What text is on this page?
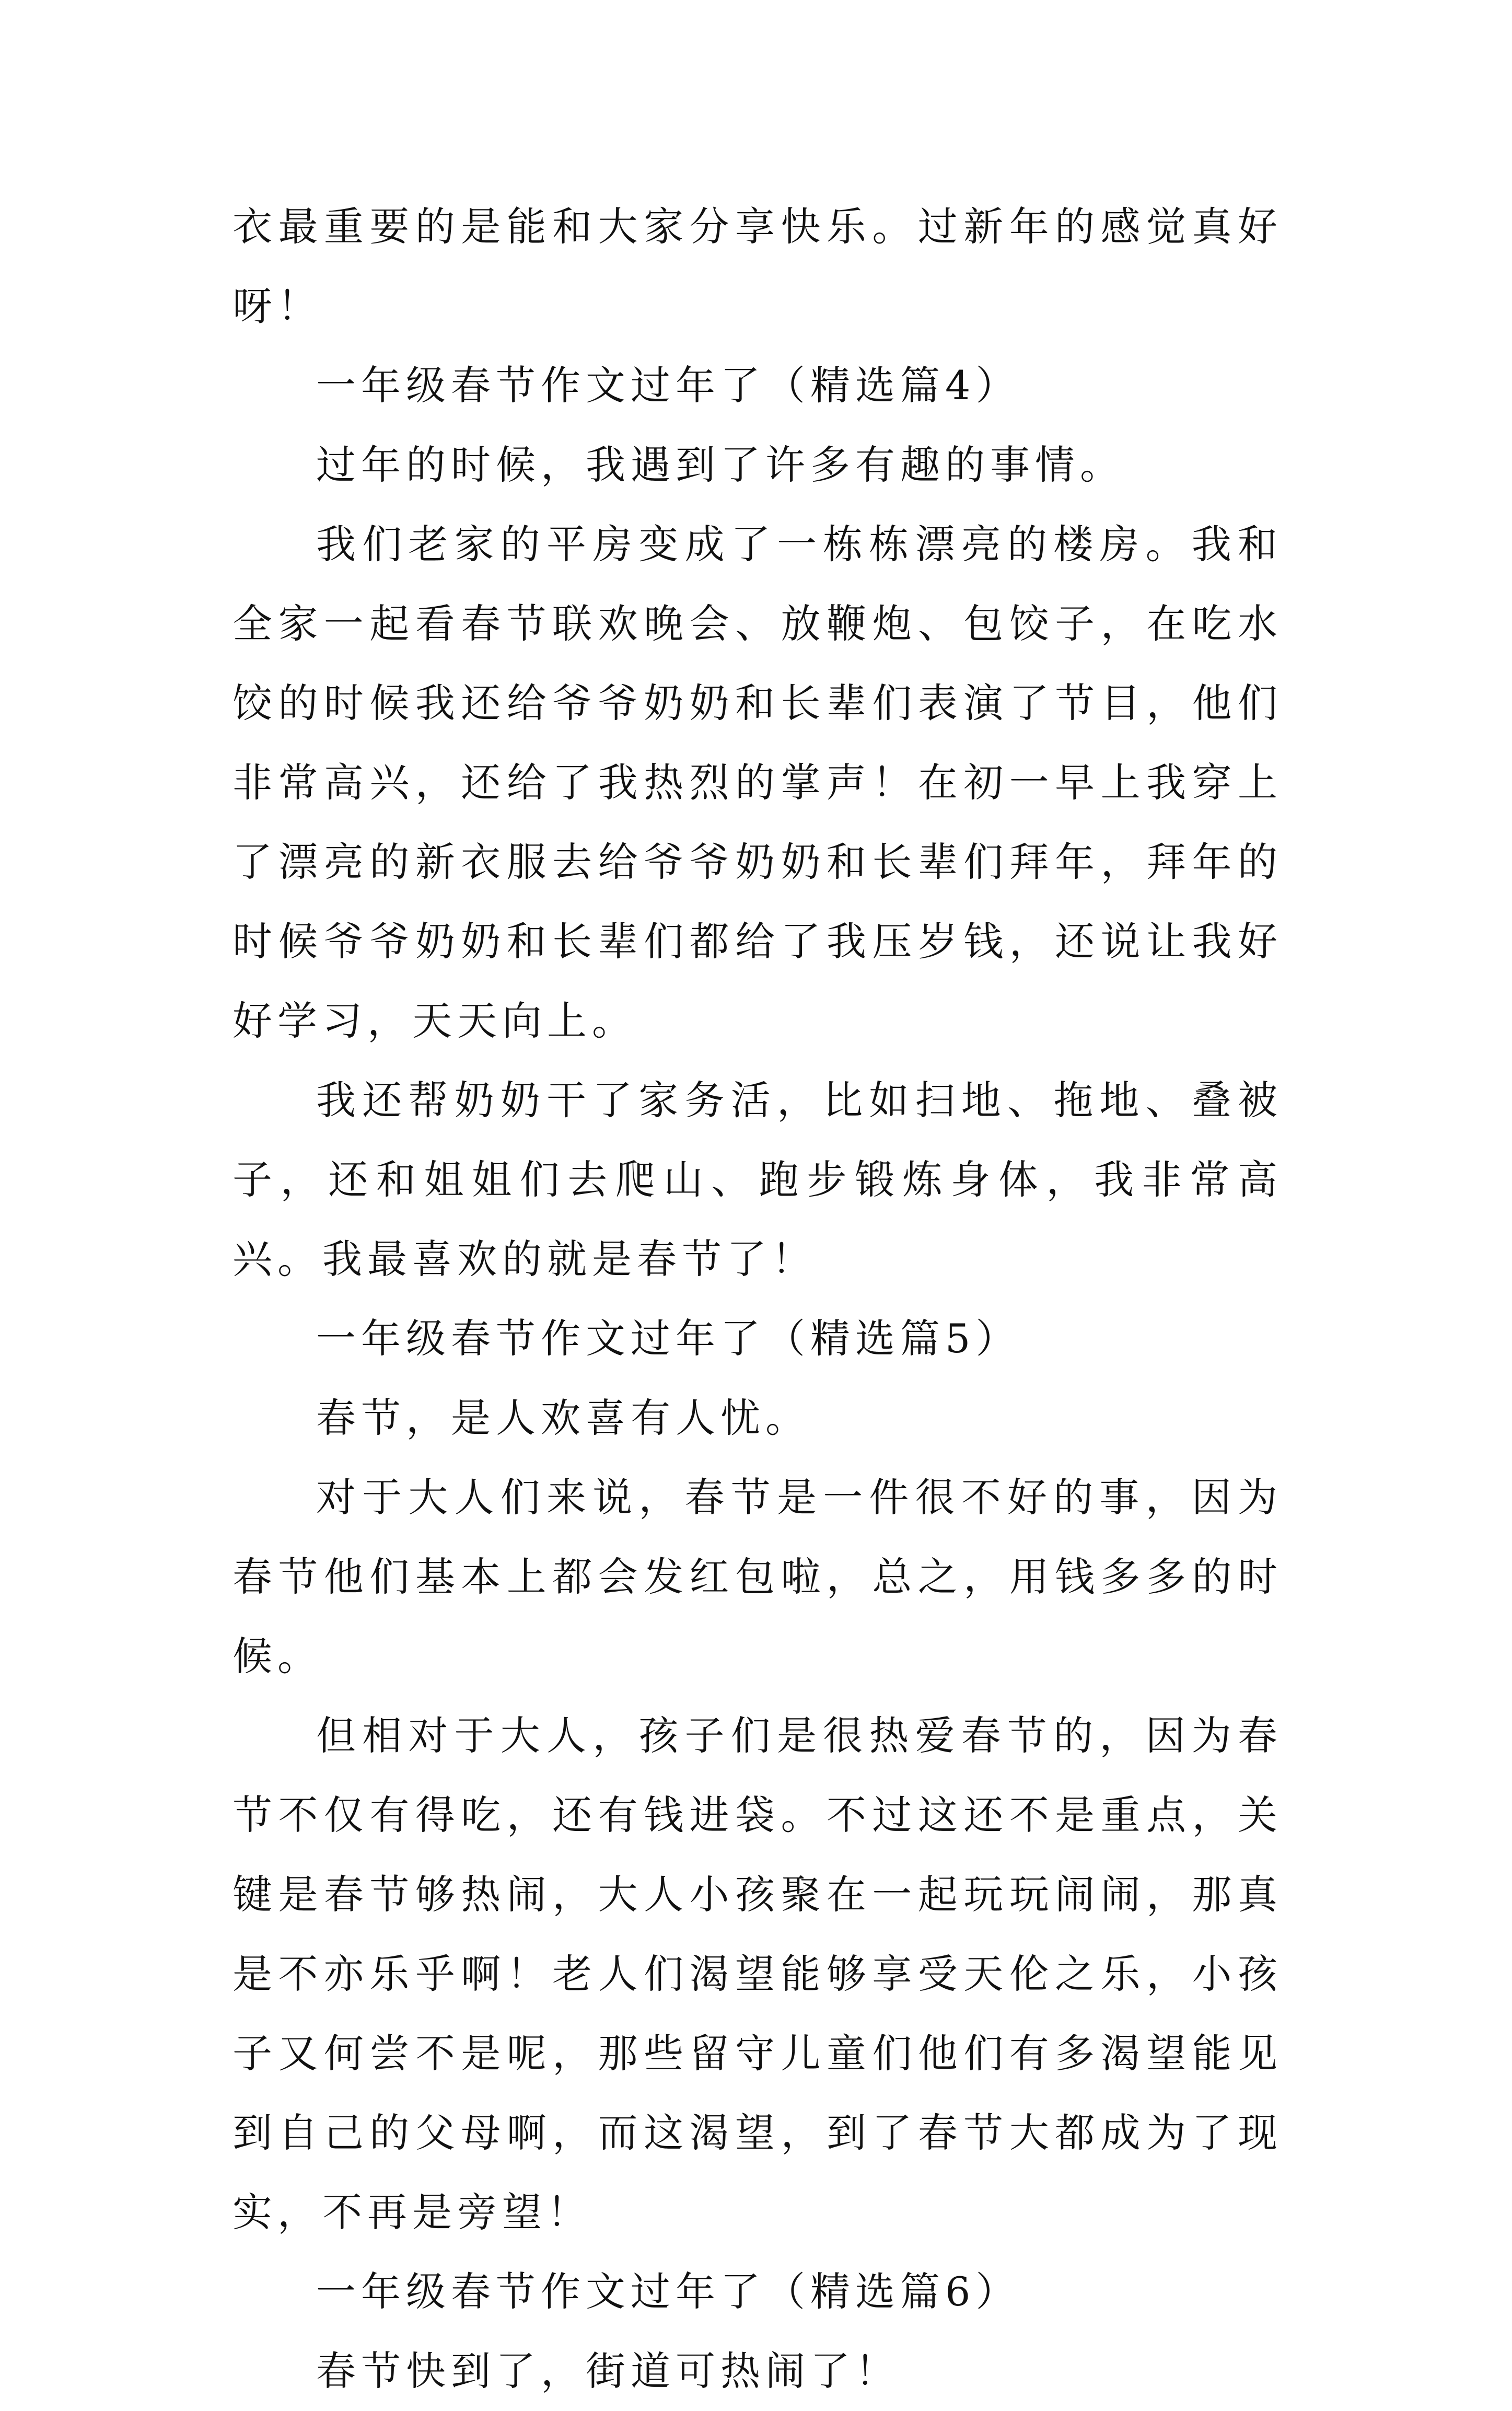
衣最重要的是能和大家分享快乐。过新年的感觉真好呀！

一年级春节作文过年了（精选篇4）

过年的时候，我遇到了许多有趣的事情。

我们老家的平房变成了一栋栋漂亮的楼房。我和全家一起看春节联欢晚会、放鞭炮、包饺子，在吃水饺的时候我还给爷爷奶奶和长辈们表演了节目，他们非常高兴，还给了我热烈的掌声！在初一早上我穿上了漂亮的新衣服去给爷爷奶奶和长辈们拜年，拜年的时候爷爷奶奶和长辈们都给了我压岁钱，还说让我好好学习，天天向上。

我还帮奶奶干了家务活，比如扫地、拖地、叠被子，还和姐姐们去爬山、跑步锻炼身体，我非常高兴。我最喜欢的就是春节了！

一年级春节作文过年了（精选篇5）

春节，是人欢喜有人忧。

对于大人们来说，春节是一件很不好的事，因为春节他们基本上都会发红包啦，总之，用钱多多的时候。

但相对于大人，孩子们是很热爱春节的，因为春节不仅有得吃，还有钱进袋。不过这还不是重点，关键是春节够热闹，大人小孩聚在一起玩玩闹闹，那真是不亦乐乎啊！老人们渴望能够享受天伦之乐，小孩子又何尝不是呢，那些留守儿童们他们有多渴望能见到自己的父母啊，而这渴望，到了春节大都成为了现实，不再是旁望！

一年级春节作文过年了（精选篇6）

春节快到了，街道可热闹了！
